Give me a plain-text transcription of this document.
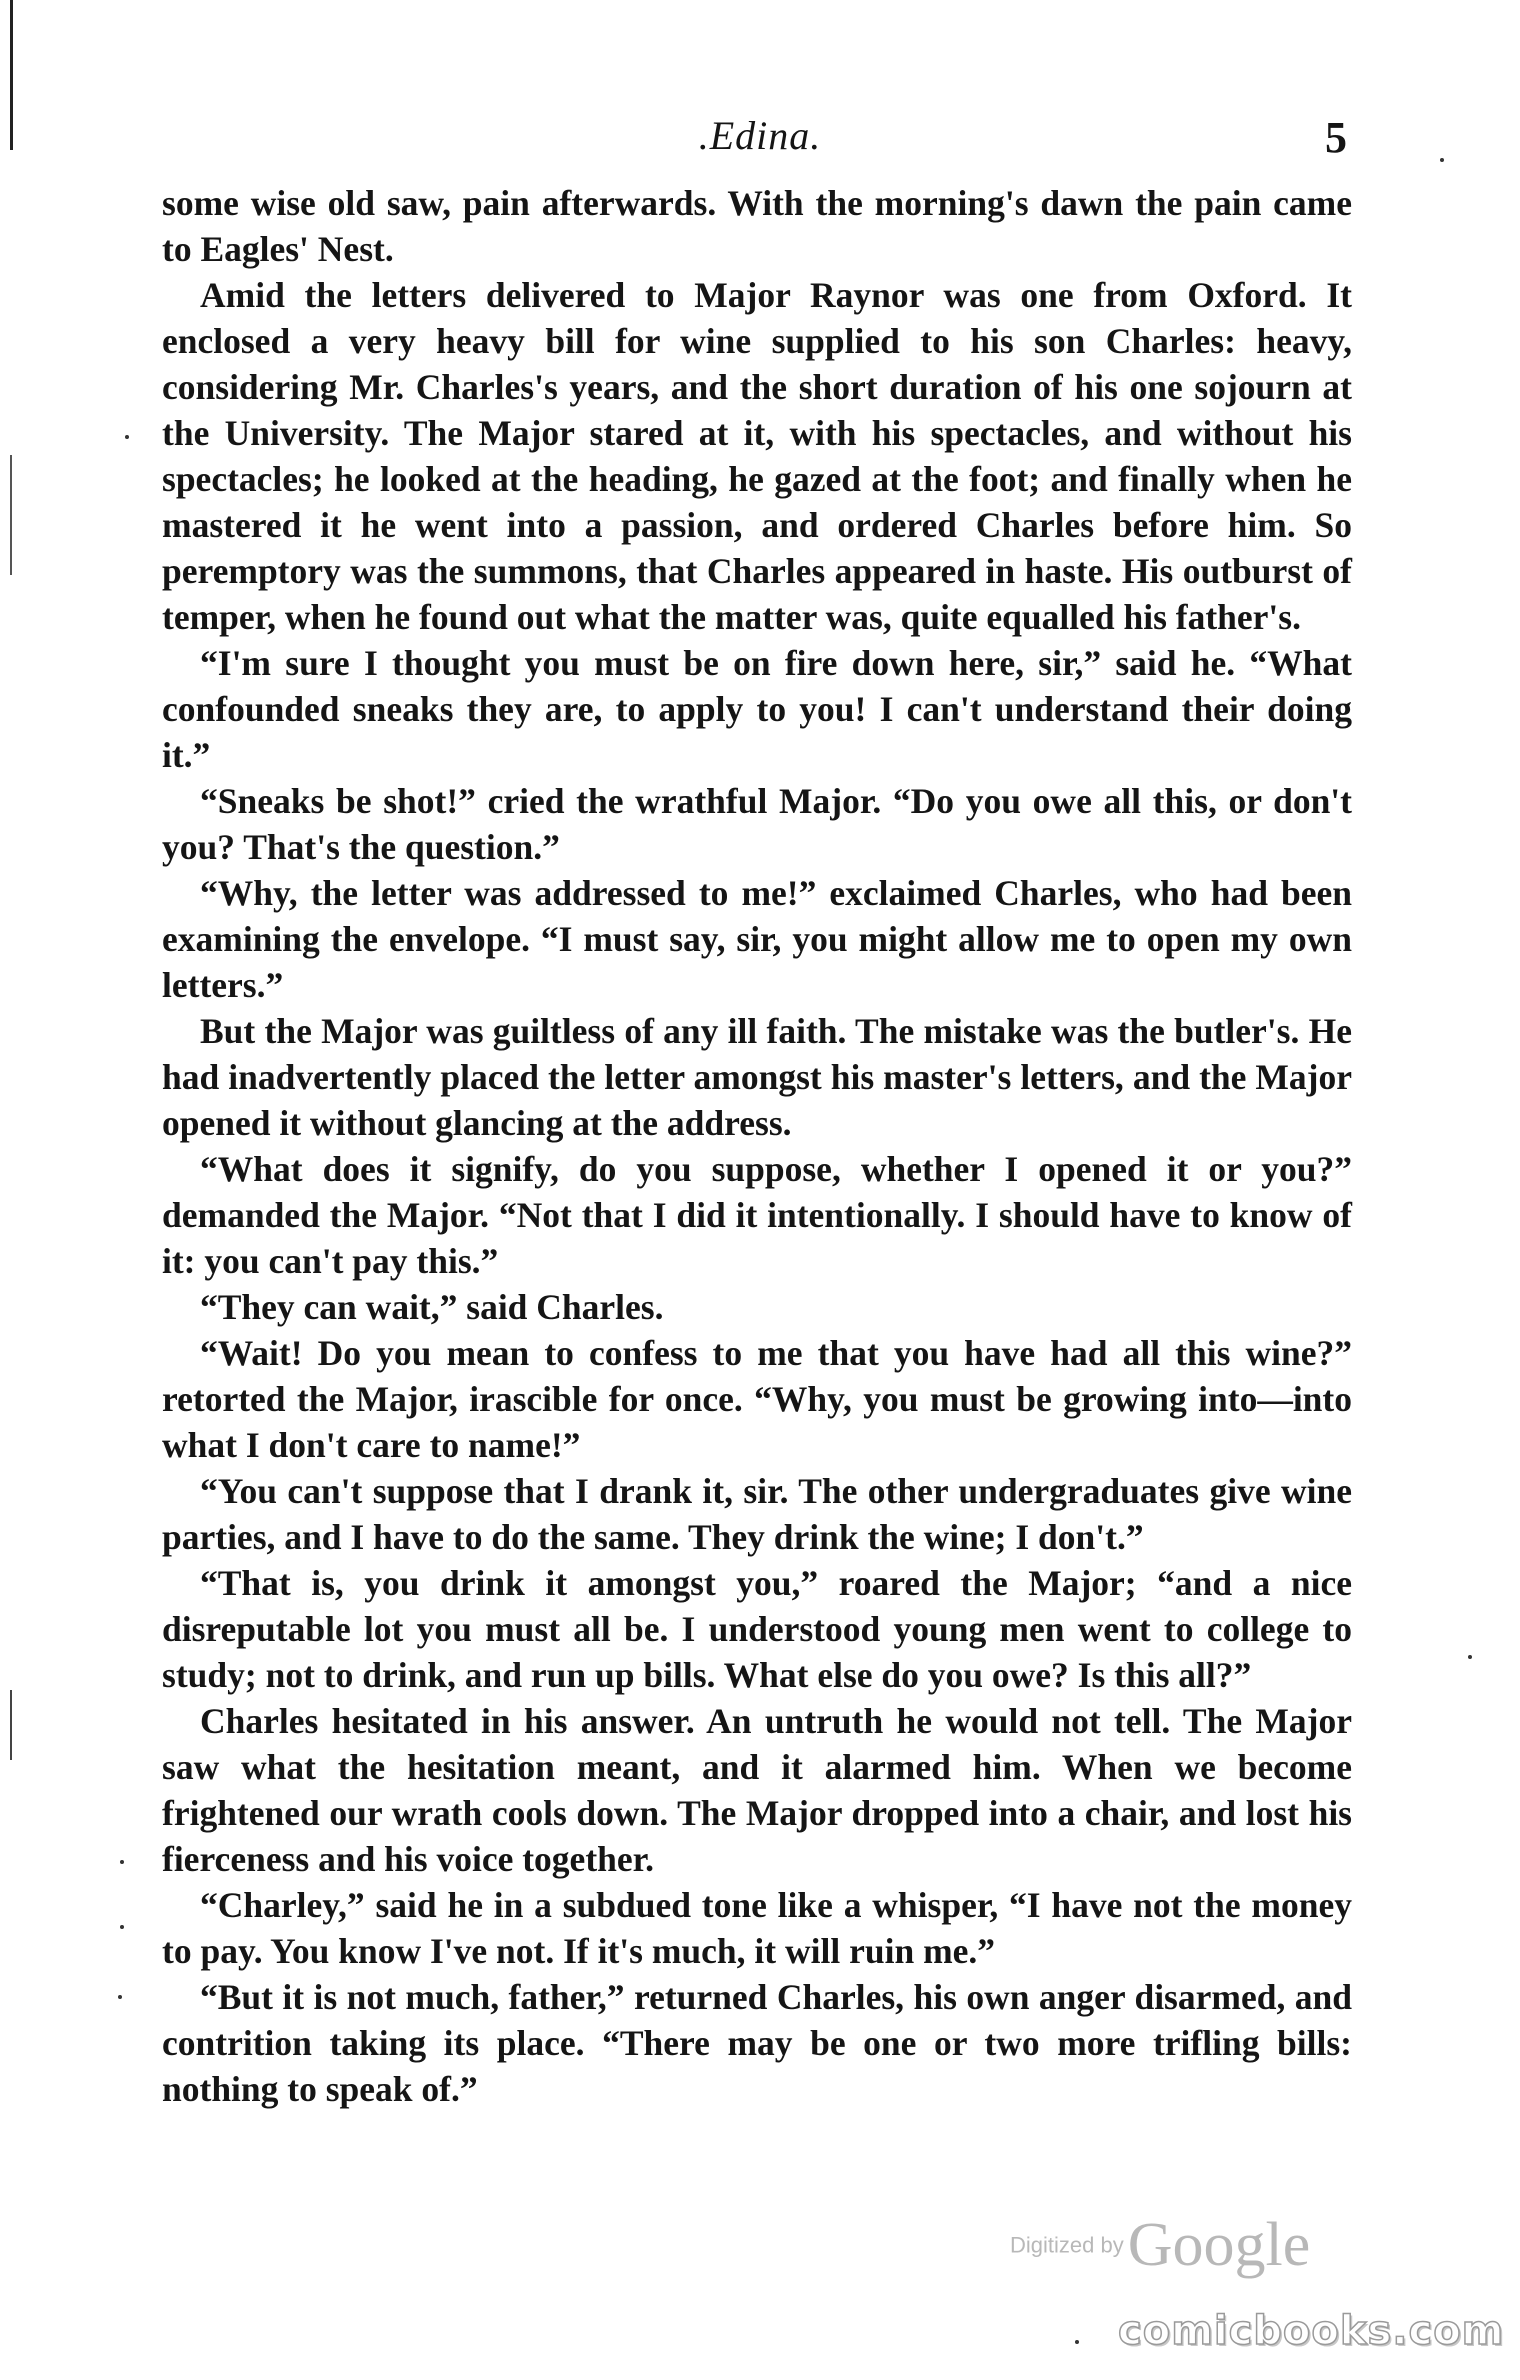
.Edina.	5

some wise old saw, pain afterwards. With the morning's dawn the pain came to Eagles' Nest.

Amid the letters delivered to Major Raynor was one from Oxford. It enclosed a very heavy bill for wine supplied to his son Charles: heavy, considering Mr. Charles's years, and the short duration of his one sojourn at the University. The Major stared at it, with his spectacles, and without his spectacles; he looked at the heading, he gazed at the foot; and finally when he mastered it he went into a passion, and ordered Charles before him. So peremptory was the summons, that Charles appeared in haste. His outburst of temper, when he found out what the matter was, quite equalled his father's.

“I'm sure I thought you must be on fire down here, sir,” said he. “What confounded sneaks they are, to apply to you! I can't understand their doing it.”

“Sneaks be shot!” cried the wrathful Major. “Do you owe all this, or don't you? That's the question.”

“Why, the letter was addressed to me!” exclaimed Charles, who had been examining the envelope. “I must say, sir, you might allow me to open my own letters.”

But the Major was guiltless of any ill faith. The mistake was the butler's. He had inadvertently placed the letter amongst his master's letters, and the Major opened it without glancing at the address.

“What does it signify, do you suppose, whether I opened it or you?” demanded the Major. “Not that I did it intentionally. I should have to know of it: you can't pay this.”

“They can wait,” said Charles.

“Wait! Do you mean to confess to me that you have had all this wine?” retorted the Major, irascible for once. “Why, you must be growing into—into what I don't care to name!”

“You can't suppose that I drank it, sir. The other undergraduates give wine parties, and I have to do the same. They drink the wine; I don't.”

“That is, you drink it amongst you,” roared the Major; “and a nice disreputable lot you must all be. I understood young men went to college to study; not to drink, and run up bills. What else do you owe? Is this all?”

Charles hesitated in his answer. An untruth he would not tell. The Major saw what the hesitation meant, and it alarmed him. When we become frightened our wrath cools down. The Major dropped into a chair, and lost his fierceness and his voice together.

“Charley,” said he in a subdued tone like a whisper, “I have not the money to pay. You know I've not. If it's much, it will ruin me.”

“But it is not much, father,” returned Charles, his own anger disarmed, and contrition taking its place. “There may be one or two more trifling bills: nothing to speak of.”

Digitized by Google
comicbooks.com
